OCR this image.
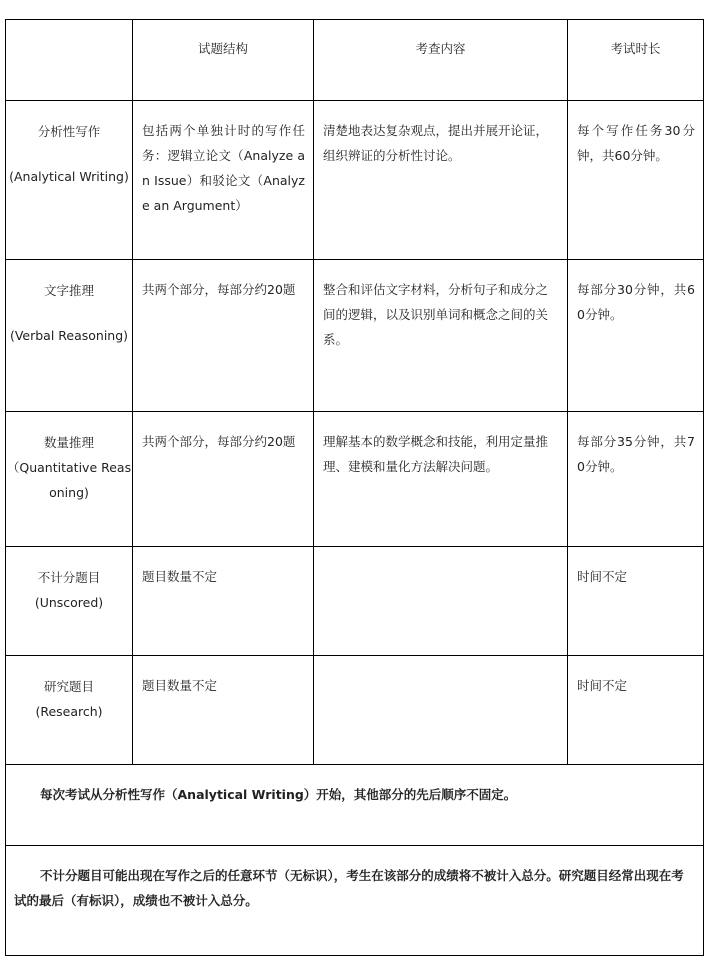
	试题结构	考查内容	考试时长

分析性写作
(Analytical Writing)	包括两个单独计时的写作任务：逻辑立论文（Analyze an Issue）和驳论文（Analyze an Argument）	清楚地表达复杂观点，提出并展开论证，组织辨证的分析性讨论。	每个写作任务30分钟，共60分钟。

文字推理
(Verbal Reasoning)	共两个部分，每部分约20题	整合和评估文字材料，分析句子和成分之间的逻辑，以及识别单词和概念之间的关系。	每部分30分钟，共60分钟。

数量推理
（Quantitative Reasoning)	共两个部分，每部分约20题	理解基本的数学概念和技能，利用定量推理、建模和量化方法解决问题。	每部分35分钟，共70分钟。

不计分题目
(Unscored)	题目数量不定		时间不定

研究题目
(Research)	题目数量不定		时间不定
每次考试从分析性写作（Analytical Writing）开始，其他部分的先后顺序不固定。			
不计分题目可能出现在写作之后的任意环节（无标识），考生在该部分的成绩将不被计入总分。研究题目经常出现在考试的最后（有标识），成绩也不被计入总分。			
